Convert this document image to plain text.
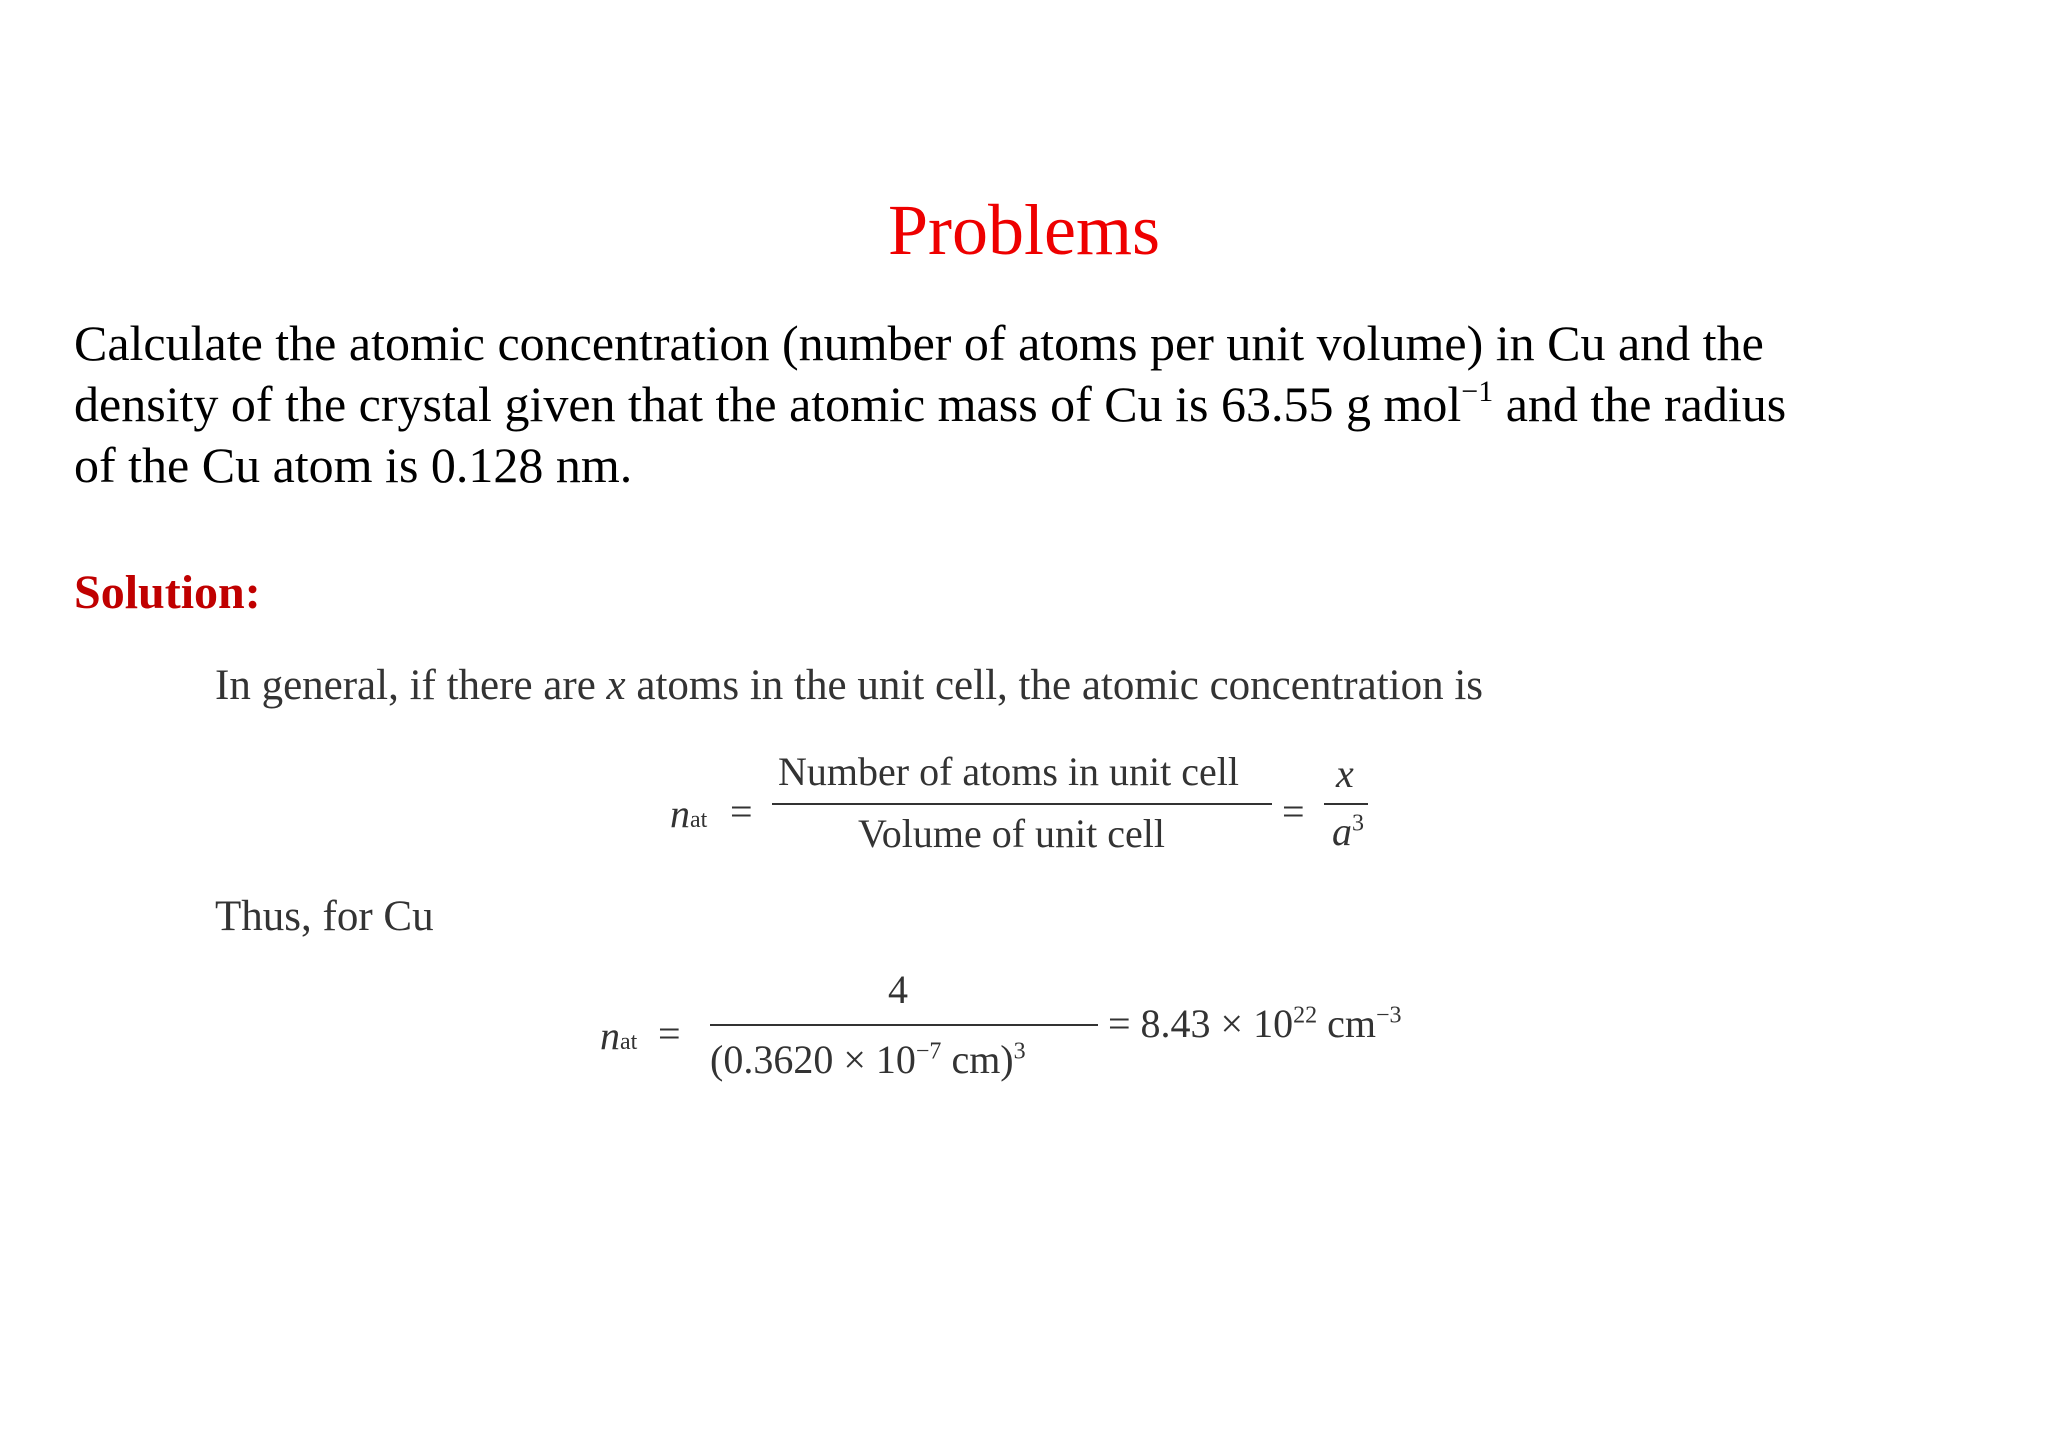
Problems
Calculate the atomic concentration (number of atoms per unit volume) in Cu and the
density of the crystal given that the atomic mass of Cu is 63.55 g mol$^{-1}$ and the radius
of the Cu atom is 0.128 nm.
Solution:
In general, if there are x atoms in the unit cell, the atomic concentration is
nat =
Number of atoms in unit cell
Volume of unit cell	=
x
$a^3$
Thus, for Cu
nat =
4
($0.3620 \times 10^{-7}$ cm)$^3$
= $8.43 \times 10^{22}$ $cm^{-3}$
